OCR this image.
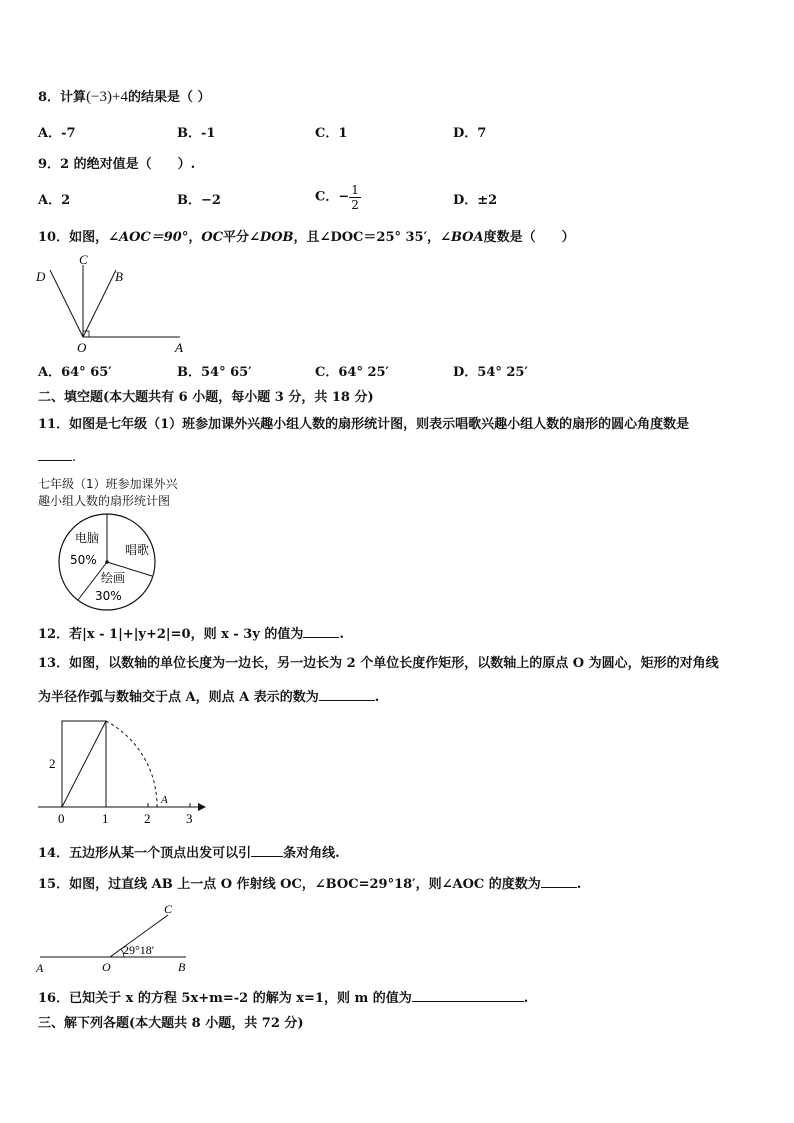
8．计算(−3)+4的结果是（ ）
A．-7	B．-1	C．1	D．7
9．2 的绝对值是（　　）.
A．2	B．−2	C．− $\frac{1}{2}$	D．±2
10．如图，∠AOC＝90°，OC平分∠DOB，且∠DOC＝25° 35′，∠BOA度数是（　　）
D
C
B
O	A
A．64° 65′	B．54° 65′	C．64° 25′	D．54° 25′
二、填空题(本大题共有 6 小题，每小题 3 分，共 18 分)
11．如图是七年级（1）班参加课外兴趣小组人数的扇形统计图，则表示唱歌兴趣小组人数的扇形的圆心角度数是
.
七年级（1）班参加课外兴
趣小组人数的扇形统计图
电脑
50%
唱歌
绘画
30%
12．若|x - 1|+|y+2|=0，则 x - 3y 的值为	.
13．如图，以数轴的单位长度为一边长，另一边长为 2 个单位长度作矩形，以数轴上的原点 O 为圆心，矩形的对角线
为半径作弧与数轴交于点 A，则点 A 表示的数为	.
2
A
0	1	2	3
14．五边形从某一个顶点出发可以引 条对角线.
15．如图，过直线 AB 上一点 O 作射线 OC，∠BOC=29°18′，则∠AOC 的度数为	.
C
29°18′
A	O	B
16．已知关于 x 的方程 5x+m=-2 的解为 x=1，则 m 的值为	.
三、解下列各题(本大题共 8 小题，共 72 分)
